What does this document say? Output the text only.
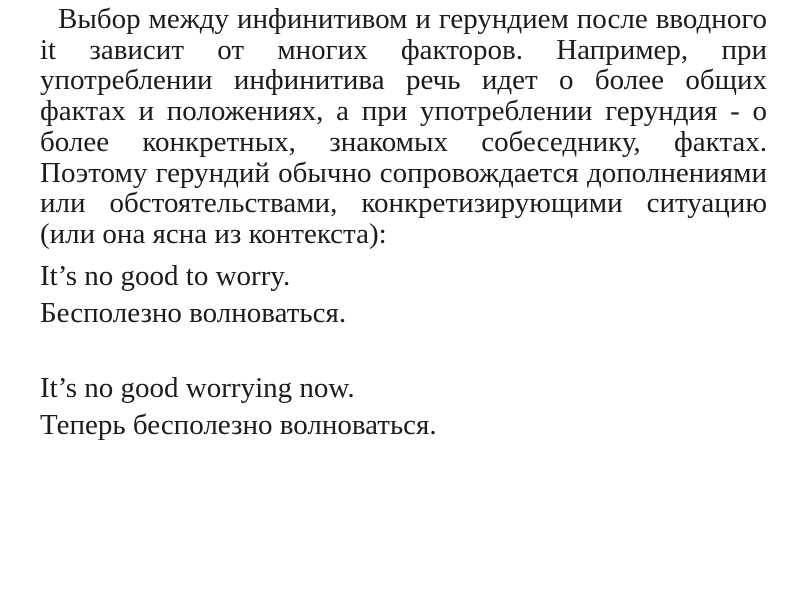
Выбор между инфинитивом и герундием после вводного it зависит от многих факторов. Например, при употреблении инфинитива речь идет о более общих фактах и положениях, а при употреблении герундия - о более конкретных, знакомых собеседнику, фактах. Поэтому герундий обычно сопровождается дополнениями или обстоятельствами, конкретизирующими ситуацию (или она ясна из контекста):

It’s no good to worry.

Бесполезно волноваться.

It’s no good worrying now.

Теперь бесполезно волноваться.
